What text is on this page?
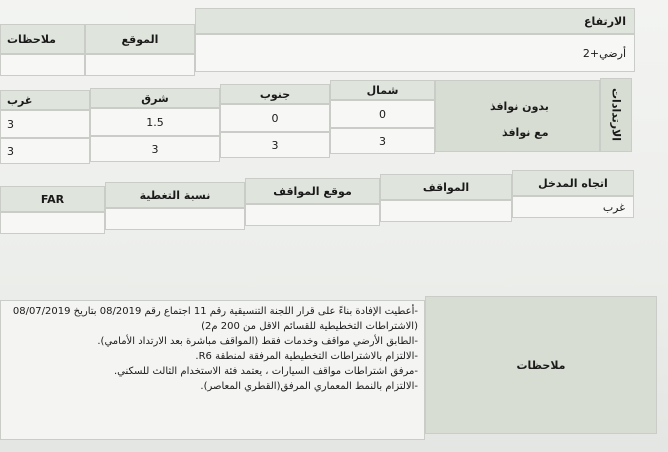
الارتفاع
الموقع
ملاحظات
أرضي+2
الارتدادات
بدون نوافذ
مع نوافذ
شمال
جنوب
شرق
غرب
0
0
1.5
3
3
3
3
3
اتجاه المدخل
المواقف
موقع المواقف
نسبة التغطية
FAR
غرب
ملاحظات
-أعطيت الإفادة بناءً على قرار اللجنة التنسيقية رقم 11 اجتماع رقم 08/2019 بتاريخ 08/07/2019
(الاشتراطات التخطيطية للقسائم الاقل من 200 م2)
-الطابق الأرضي مواقف وخدمات فقط (المواقف مباشرة بعد الارتداد الأمامي).
-الالتزام بالاشتراطات التخطيطية المرفقة لمنطقة R6.
-مرفق اشتراطات مواقف السيارات ، يعتمد فئة الاستخدام الثالث للسكني.
-الالتزام بالنمط المعماري المرفق(القطري المعاصر).
